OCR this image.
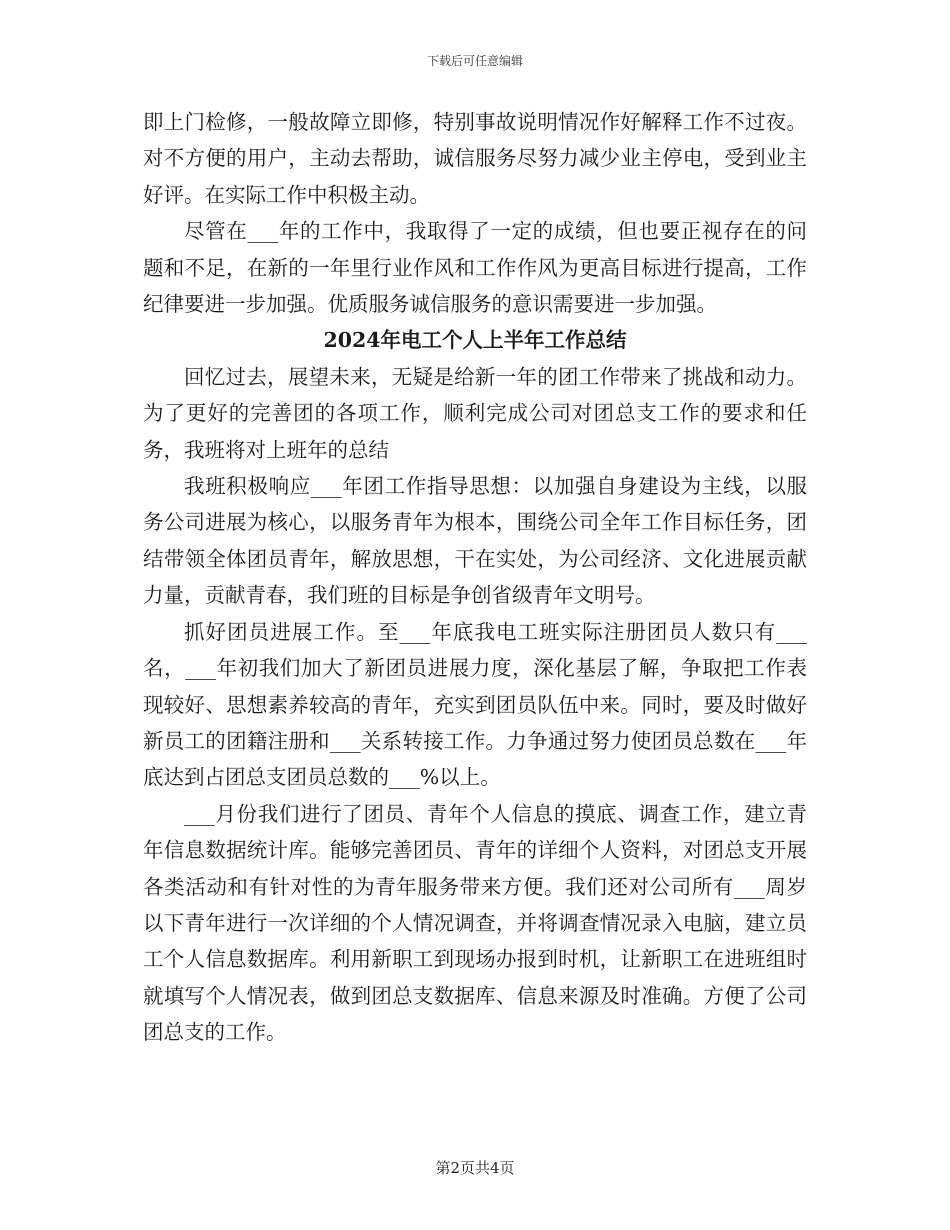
下载后可任意编辑

即上门检修，一般故障立即修，特别事故说明情况作好解释工作不过夜。对不方便的用户，主动去帮助，诚信服务尽努力减少业主停电，受到业主好评。在实际工作中积极主动。

尽管在___年的工作中，我取得了一定的成绩，但也要正视存在的问题和不足，在新的一年里行业作风和工作作风为更高目标进行提高，工作纪律要进一步加强。优质服务诚信服务的意识需要进一步加强。

2024年电工个人上半年工作总结

回忆过去，展望未来，无疑是给新一年的团工作带来了挑战和动力。为了更好的完善团的各项工作，顺利完成公司对团总支工作的要求和任务，我班将对上班年的总结

我班积极响应___年团工作指导思想：以加强自身建设为主线，以服务公司进展为核心，以服务青年为根本，围绕公司全年工作目标任务，团结带领全体团员青年，解放思想，干在实处，为公司经济、文化进展贡献力量，贡献青春，我们班的目标是争创省级青年文明号。

抓好团员进展工作。至___年底我电工班实际注册团员人数只有___名，___年初我们加大了新团员进展力度，深化基层了解，争取把工作表现较好、思想素养较高的青年，充实到团员队伍中来。同时，要及时做好新员工的团籍注册和___关系转接工作。力争通过努力使团员总数在___年底达到占团总支团员总数的___%以上。

___月份我们进行了团员、青年个人信息的摸底、调查工作，建立青年信息数据统计库。能够完善团员、青年的详细个人资料，对团总支开展各类活动和有针对性的为青年服务带来方便。我们还对公司所有___周岁以下青年进行一次详细的个人情况调查，并将调查情况录入电脑，建立员工个人信息数据库。利用新职工到现场办报到时机，让新职工在进班组时就填写个人情况表，做到团总支数据库、信息来源及时准确。方便了公司团总支的工作。

第2页共4页
